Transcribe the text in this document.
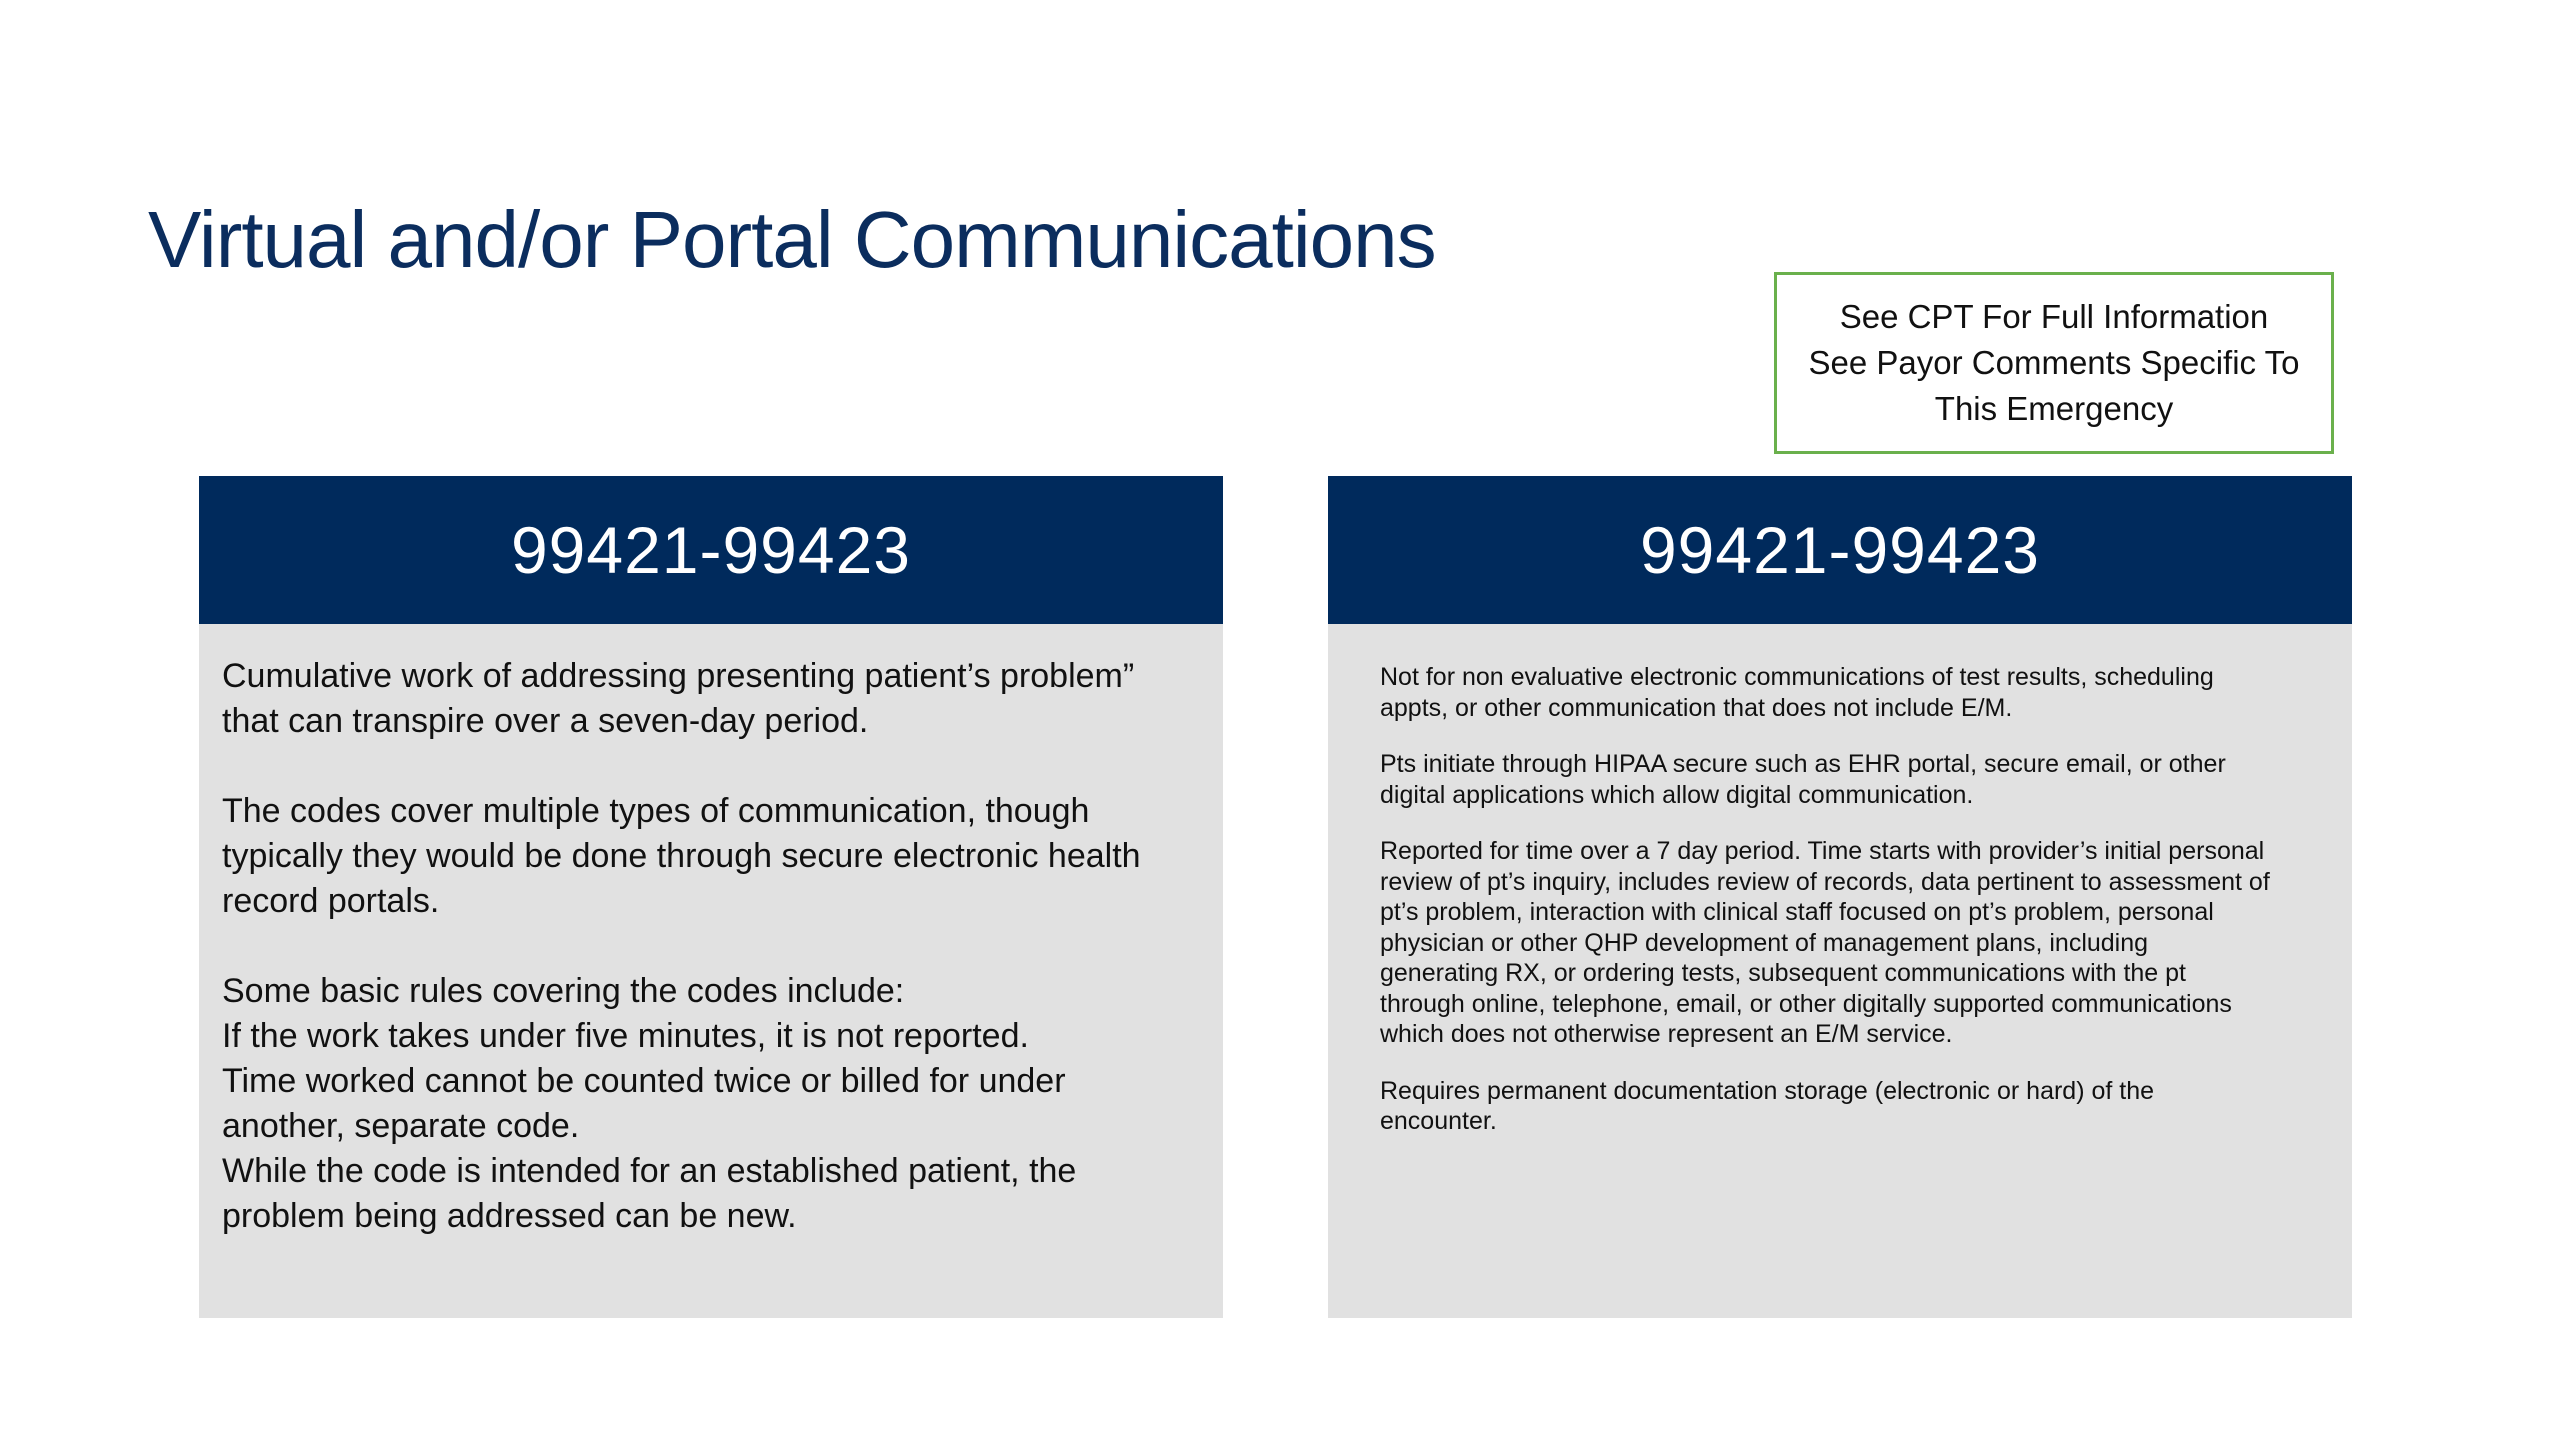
Virtual and/or Portal Communications
See CPT For Full Information
See Payor Comments Specific To
This Emergency
99421-99423

Cumulative work of addressing presenting patient’s problem” that can transpire over a seven-day period.

The codes cover multiple types of communication, though typically they would be done through secure electronic health record portals.

Some basic rules covering the codes include:

If the work takes under five minutes, it is not reported.

Time worked cannot be counted twice or billed for under another, separate code.

While the code is intended for an established patient, the problem being addressed can be new.

99421-99423

Not for non evaluative electronic communications of test results, scheduling appts, or other communication that does not include E/M.

Pts initiate through HIPAA secure such as EHR portal, secure email, or other digital applications which allow digital communication.

Reported for time over a 7 day period. Time starts with provider’s initial personal review of pt’s inquiry, includes review of records, data pertinent to assessment of pt’s problem, interaction with clinical staff focused on pt’s problem, personal physician or other QHP development of management plans, including generating RX, or ordering tests, subsequent communications with the pt through online, telephone, email, or other digitally supported communications which does not otherwise represent an E/M service.

Requires permanent documentation storage (electronic or hard) of the encounter.
